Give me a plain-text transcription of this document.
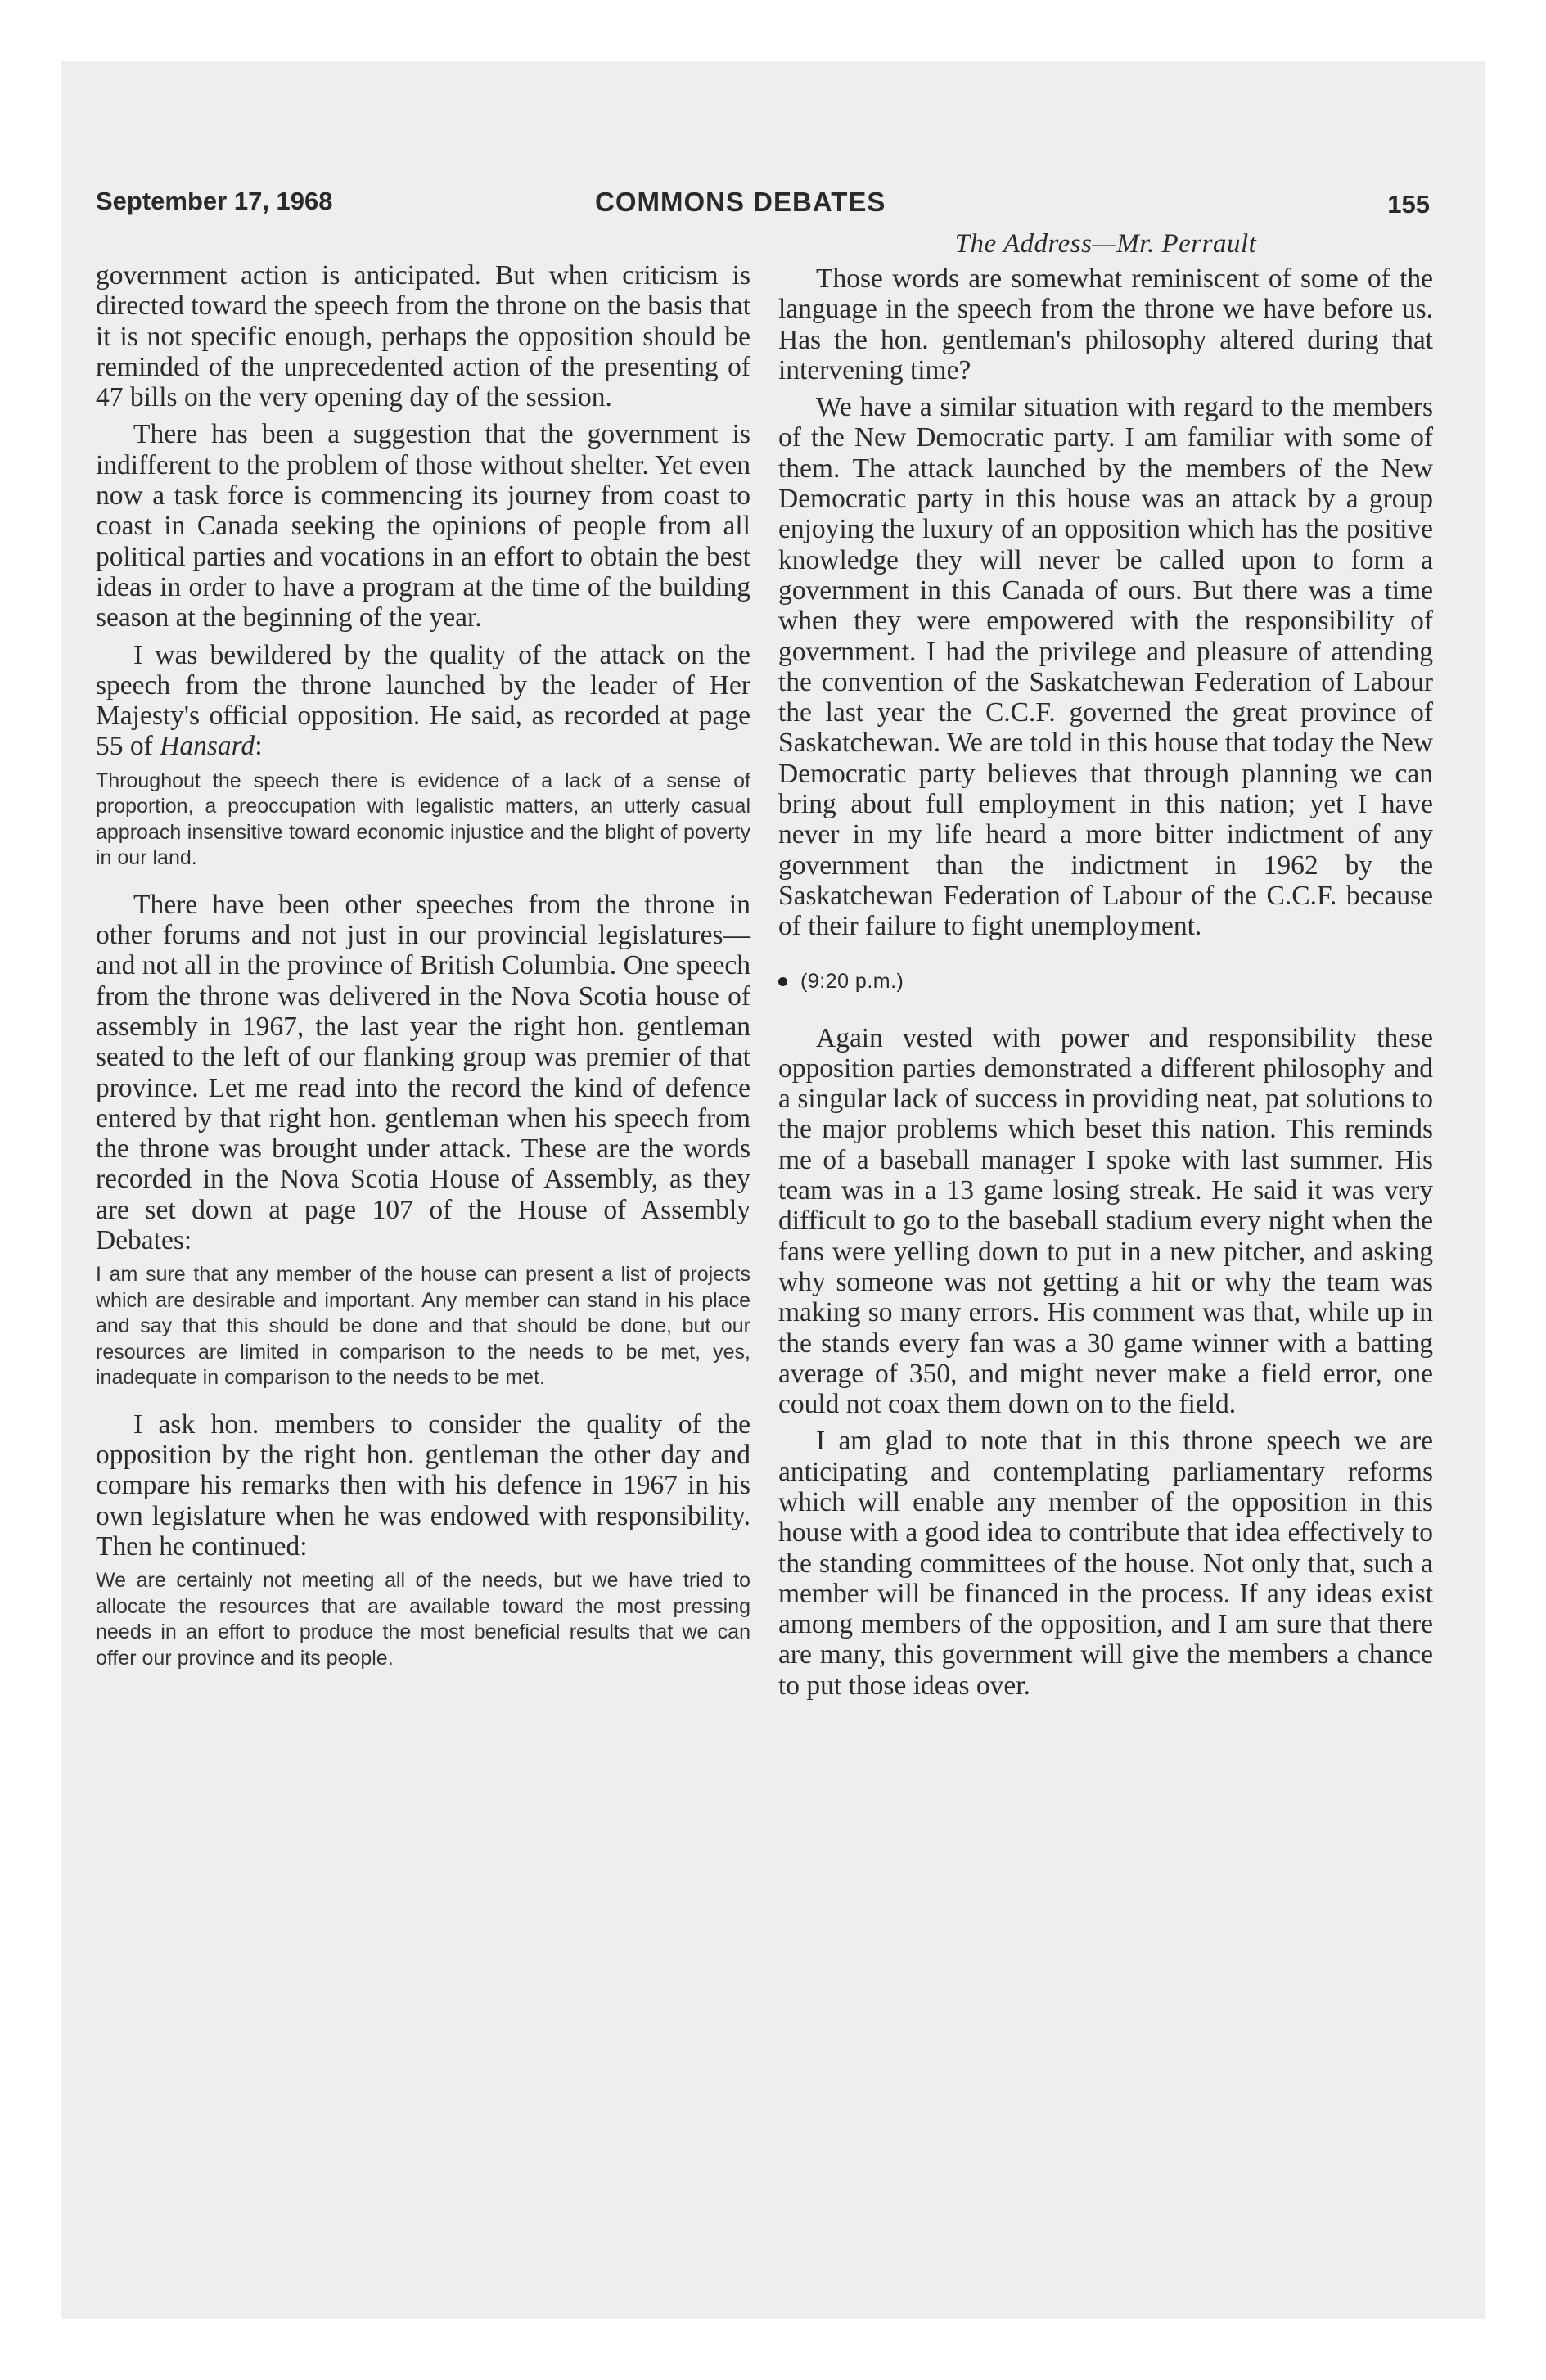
September 17, 1968	COMMONS DEBATES	155

government action is anticipated. But when criticism is directed toward the speech from the throne on the basis that it is not specific enough, perhaps the opposition should be reminded of the unprecedented action of the presenting of 47 bills on the very opening day of the session.

There has been a suggestion that the government is indifferent to the problem of those without shelter. Yet even now a task force is commencing its journey from coast to coast in Canada seeking the opinions of people from all political parties and vocations in an effort to obtain the best ideas in order to have a program at the time of the building season at the beginning of the year.

I was bewildered by the quality of the attack on the speech from the throne launched by the leader of Her Majesty's official opposition. He said, as recorded at page 55 of Hansard:

Throughout the speech there is evidence of a lack of a sense of proportion, a preoccupation with legalistic matters, an utterly casual approach insensitive toward economic injustice and the blight of poverty in our land.

There have been other speeches from the throne in other forums and not just in our provincial legislatures—and not all in the province of British Columbia. One speech from the throne was delivered in the Nova Scotia house of assembly in 1967, the last year the right hon. gentleman seated to the left of our flanking group was premier of that province. Let me read into the record the kind of defence entered by that right hon. gentleman when his speech from the throne was brought under attack. These are the words recorded in the Nova Scotia House of Assembly, as they are set down at page 107 of the House of Assembly Debates:

I am sure that any member of the house can present a list of projects which are desirable and important. Any member can stand in his place and say that this should be done and that should be done, but our resources are limited in comparison to the needs to be met, yes, inadequate in comparison to the needs to be met.

I ask hon. members to consider the quality of the opposition by the right hon. gentleman the other day and compare his remarks then with his defence in 1967 in his own legislature when he was endowed with responsibility. Then he continued:

We are certainly not meeting all of the needs, but we have tried to allocate the resources that are available toward the most pressing needs in an effort to produce the most beneficial results that we can offer our province and its people.

The Address—Mr. Perrault

Those words are somewhat reminiscent of some of the language in the speech from the throne we have before us. Has the hon. gentleman's philosophy altered during that intervening time?

We have a similar situation with regard to the members of the New Democratic party. I am familiar with some of them. The attack launched by the members of the New Democratic party in this house was an attack by a group enjoying the luxury of an opposition which has the positive knowledge they will never be called upon to form a government in this Canada of ours. But there was a time when they were empowered with the responsibility of government. I had the privilege and pleasure of attending the convention of the Saskatchewan Federation of Labour the last year the C.C.F. governed the great province of Saskatchewan. We are told in this house that today the New Democratic party believes that through planning we can bring about full employment in this nation; yet I have never in my life heard a more bitter indictment of any government than the indictment in 1962 by the Saskatchewan Federation of Labour of the C.C.F. because of their failure to fight unemployment.

(9:20 p.m.)

Again vested with power and responsibility these opposition parties demonstrated a different philosophy and a singular lack of success in providing neat, pat solutions to the major problems which beset this nation. This reminds me of a baseball manager I spoke with last summer. His team was in a 13 game losing streak. He said it was very difficult to go to the baseball stadium every night when the fans were yelling down to put in a new pitcher, and asking why someone was not getting a hit or why the team was making so many errors. His comment was that, while up in the stands every fan was a 30 game winner with a batting average of 350, and might never make a field error, one could not coax them down on to the field.

I am glad to note that in this throne speech we are anticipating and contemplating parliamentary reforms which will enable any member of the opposition in this house with a good idea to contribute that idea effectively to the standing committees of the house. Not only that, such a member will be financed in the process. If any ideas exist among members of the opposition, and I am sure that there are many, this government will give the members a chance to put those ideas over.
